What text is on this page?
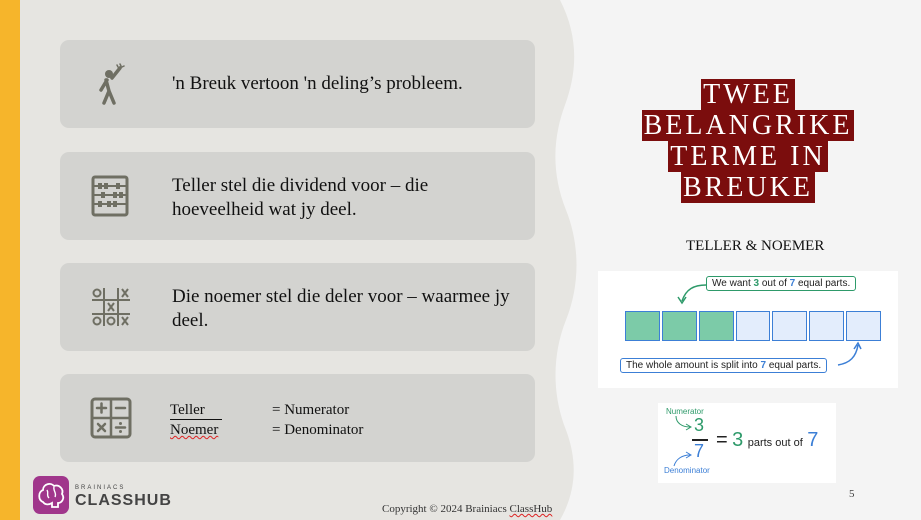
'n Breuk vertoon 'n deling’s probleem.
Teller stel die dividend voor – die hoeveelheid wat jy deel.
Die noemer stel die deler voor – waarmee jy deel.
Teller	= Numerator
Noemer	= Denominator
TWEE
BELANGRIKE
TERME IN
BREUKE
TELLER & NOEMER
We want 3 out of 7 equal parts.
The whole amount is split into 7 equal parts.
Numerator
3
7
Denominator
= 3 parts out of 7
BRAINIACS
CLASSHUB	Copyright © 2024 Brainiacs ClassHub
5
